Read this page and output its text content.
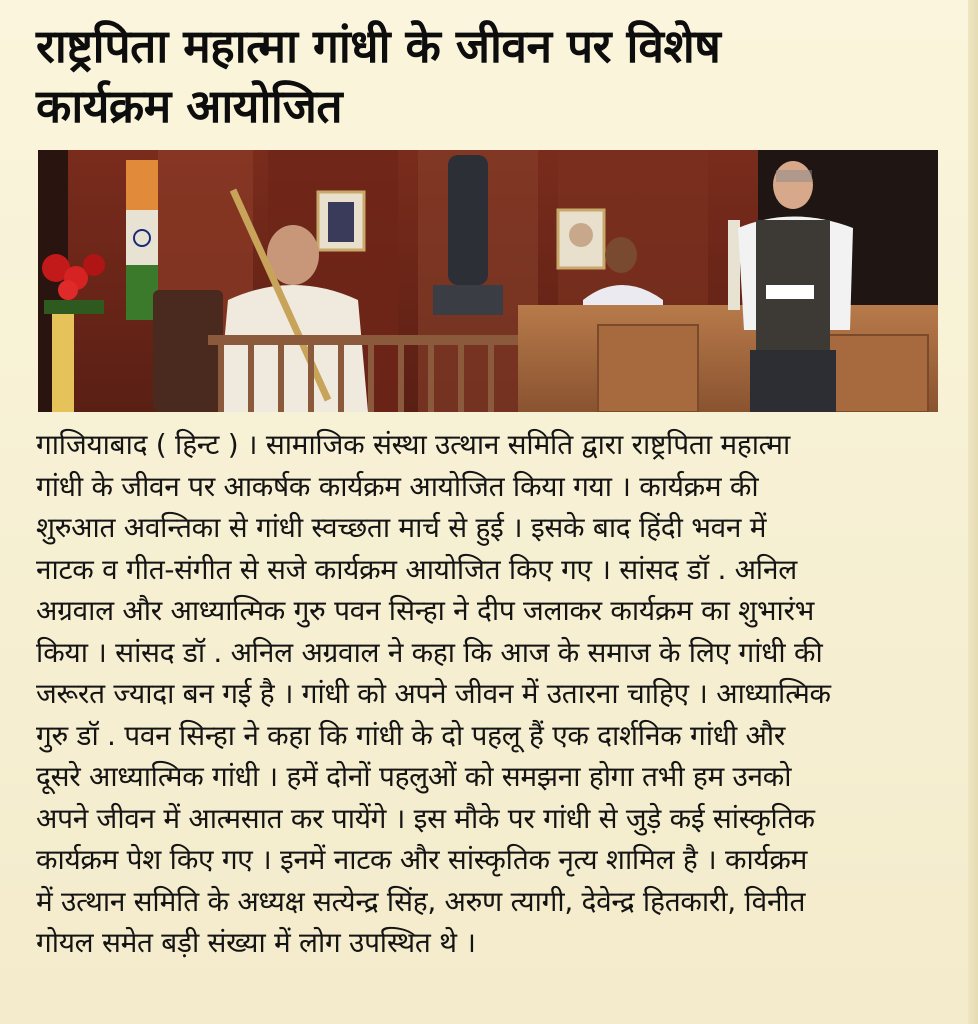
राष्ट्रपिता महात्मा गांधी के जीवन पर विशेष
कार्यक्रम आयोजित
गाजियाबाद ( हिन्ट ) । सामाजिक संस्था उत्थान समिति द्वारा राष्ट्रपिता महात्मा
गांधी के जीवन पर आकर्षक कार्यक्रम आयोजित किया गया । कार्यक्रम की
शुरुआत अवन्तिका से गांधी स्वच्छता मार्च से हुई । इसके बाद हिंदी भवन में
नाटक व गीत-संगीत से सजे कार्यक्रम आयोजित किए गए । सांसद डॉ . अनिल
अग्रवाल और आध्यात्मिक गुरु पवन सिन्हा ने दीप जलाकर कार्यक्रम का शुभारंभ
किया । सांसद डॉ . अनिल अग्रवाल ने कहा कि आज के समाज के लिए गांधी की
जरूरत ज्यादा बन गई है । गांधी को अपने जीवन में उतारना चाहिए । आध्यात्मिक
गुरु डॉ . पवन सिन्हा ने कहा कि गांधी के दो पहलू हैं एक दार्शनिक गांधी और
दूसरे आध्यात्मिक गांधी । हमें दोनों पहलुओं को समझना होगा तभी हम उनको
अपने जीवन में आत्मसात कर पायेंगे । इस मौके पर गांधी से जुड़े कई सांस्कृतिक
कार्यक्रम पेश किए गए । इनमें नाटक और सांस्कृतिक नृत्य शामिल है । कार्यक्रम
में उत्थान समिति के अध्यक्ष सत्येन्द्र सिंह, अरुण त्यागी, देवेन्द्र हितकारी, विनीत
गोयल समेत बड़ी संख्या में लोग उपस्थित थे ।
